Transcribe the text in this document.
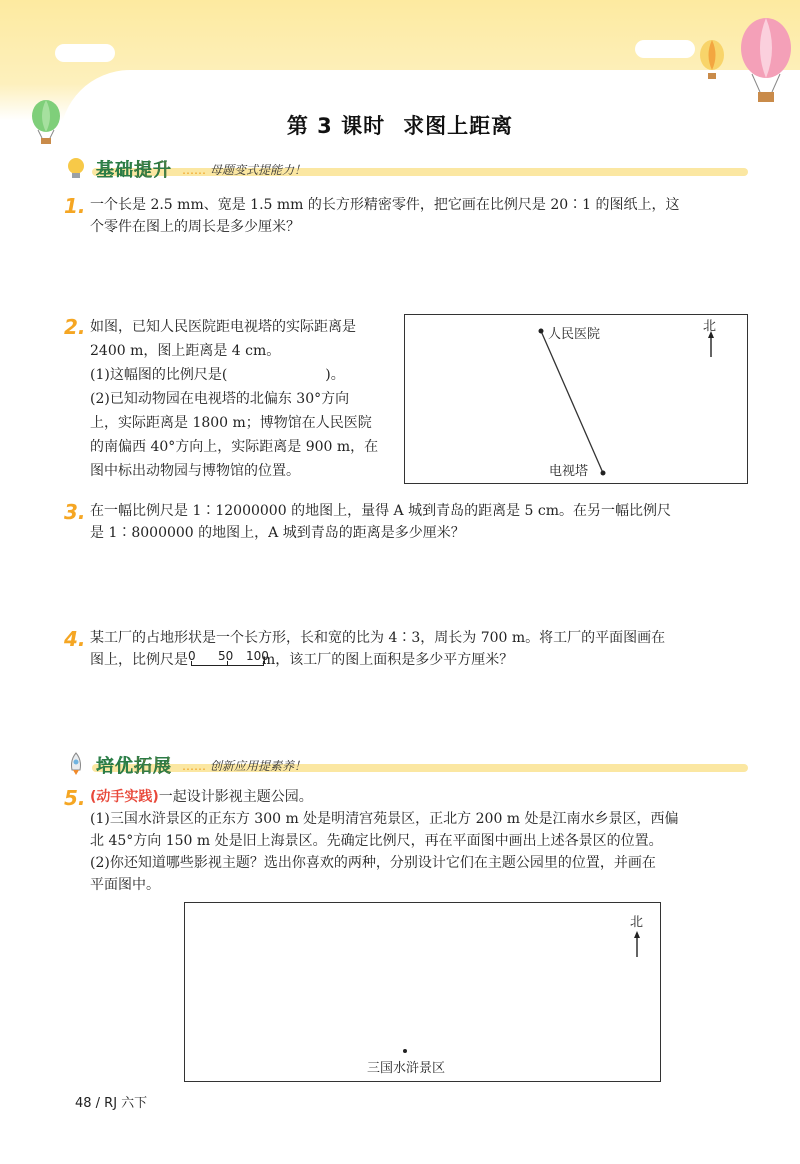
第 3 课时 求图上距离
基础提升 …… 母题变式提能力！
1. 一个长是 2.5 mm、宽是 1.5 mm 的长方形精密零件，把它画在比例尺是 20∶1 的图纸上，这
个零件在图上的周长是多少厘米？
2. 如图，已知人民医院距电视塔的实际距离是
2400 m，图上距离是 4 cm。
(1)这幅图的比例尺是(　　　　　　　)。
(2)已知动物园在电视塔的北偏东 30°方向
上，实际距离是 1800 m；博物馆在人民医院
的南偏西 40°方向上，实际距离是 900 m，在
图中标出动物园与博物馆的位置。
北
人民医院
电视塔
3. 在一幅比例尺是 1∶12000000 的地图上，量得 A 城到青岛的距离是 5 cm。在另一幅比例尺
是 1∶8000000 的地图上，A 城到青岛的距离是多少厘米？
4. 某工厂的占地形状是一个长方形，长和宽的比为 4∶3，周长为 700 m。将工厂的平面图画在
图上，比例尺是 0 50 100
m，该工厂的图上面积是多少平方厘米？
培优拓展 …… 创新应用提素养！
5. (动手实践)一起设计影视主题公园。
(1)三国水浒景区的正东方 300 m 处是明清宫苑景区，正北方 200 m 处是江南水乡景区，西偏
北 45°方向 150 m 处是旧上海景区。先确定比例尺，再在平面图中画出上述各景区的位置。
(2)你还知道哪些影视主题？选出你喜欢的两种，分别设计它们在主题公园里的位置，并画在
平面图中。
北
三国水浒景区
48 / RJ 六下
